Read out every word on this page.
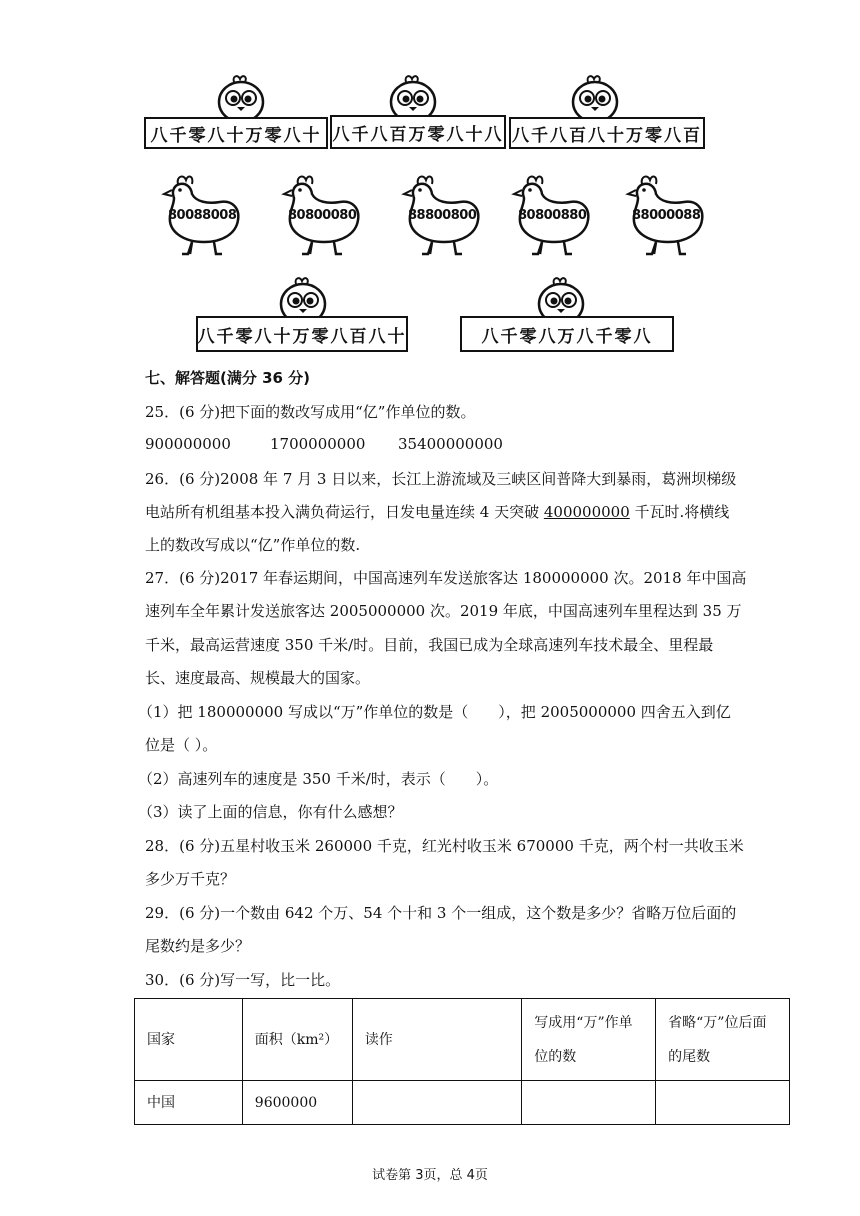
八千零八十万零八十 八千八百万零八十八 八千八百八十万零八百
80088008	80800080	88800800	80800880	88000088
八千零八十万零八百八十	八千零八万八千零八
七、解答题(满分 36 分)
25．(6 分)把下面的数改写成用“亿”作单位的数。
900000000	1700000000 35400000000
26．(6 分)2008 年 7 月 3 日以来，长江上游流域及三峡区间普降大到暴雨，葛洲坝梯级
电站所有机组基本投入满负荷运行，日发电量连续 4 天突破 400000000 千瓦时.将横线
上的数改写成以“亿”作单位的数.
27．(6 分)2017 年春运期间，中国高速列车发送旅客达 180000000 次。2018 年中国高
速列车全年累计发送旅客达 2005000000 次。2019 年底，中国高速列车里程达到 35 万
千米，最高运营速度 350 千米/时。目前，我国已成为全球高速列车技术最全、里程最
长、速度最高、规模最大的国家。
（1）把 180000000 写成以“万”作单位的数是（　　），把 2005000000 四舍五入到亿
位是（ ）。
（2）高速列车的速度是 350 千米/时，表示（　　）。
（3）读了上面的信息，你有什么感想？
28．(6 分)五星村收玉米 260000 千克，红光村收玉米 670000 千克，两个村一共收玉米
多少万千克？
29．(6 分)一个数由 642 个万、54 个十和 3 个一组成，这个数是多少？省略万位后面的
尾数约是多少？
30．(6 分)写一写，比一比。
国家	面积（km²）	读作	写成用“万”作单位的数	省略“万”位后面的尾数
中国	9600000			
试卷第 3页，总 4页
